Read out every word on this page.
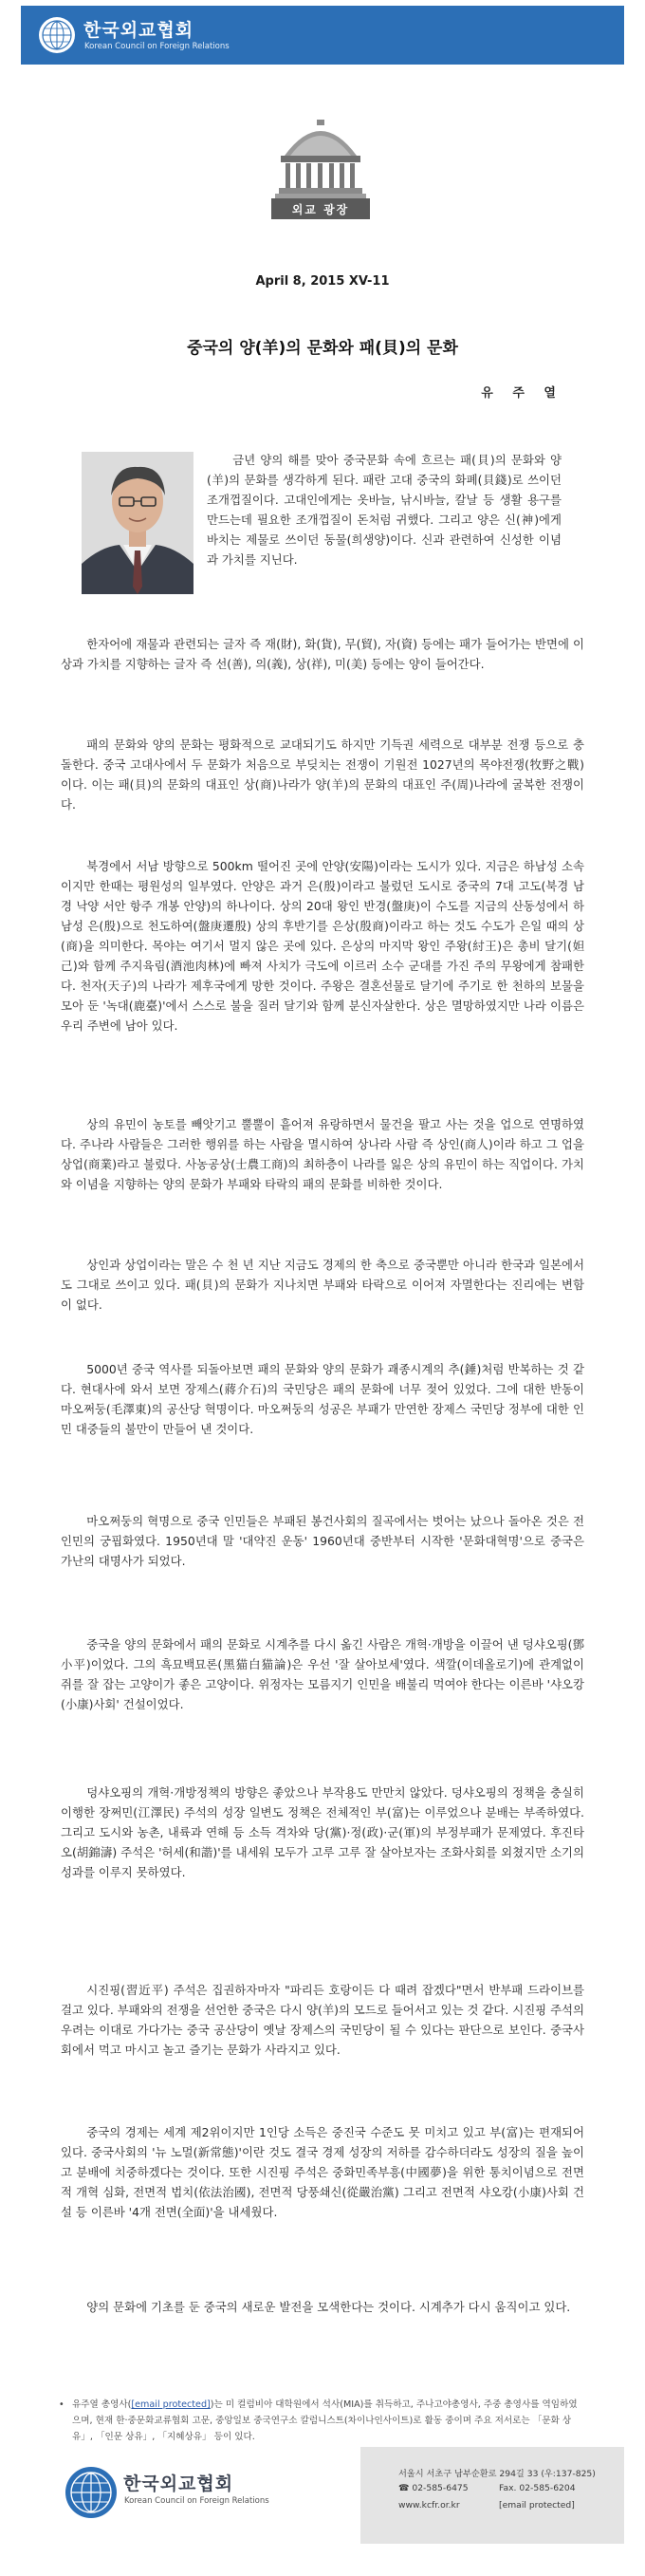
한국외교협회
Korean Council on Foreign Relations
외교 광장
April 8, 2015 XV-11
중국의 양(羊)의 문화와 패(貝)의 문화
유 주 열

금년 양의 해를 맞아 중국문화 속에 흐르는 패(貝)의 문화와 양(羊)의 문화를 생각하게 된다. 패란 고대 중국의 화폐(貝錢)로 쓰이던 조개껍질이다. 고대인에게는 옷바늘, 낚시바늘, 칼날 등 생활 용구를 만드는데 필요한 조개껍질이 돈처럼 귀했다. 그리고 양은 신(神)에게 바치는 제물로 쓰이던 동물(희생양)이다. 신과 관련하여 신성한 이념과 가치를 지닌다.

한자어에 재물과 관련되는 글자 즉 재(財), 화(貨), 무(貿), 자(資) 등에는 패가 들어가는 반면에 이상과 가치를 지향하는 글자 즉 선(善), 의(義), 상(祥), 미(美) 등에는 양이 들어간다.

패의 문화와 양의 문화는 평화적으로 교대되기도 하지만 기득권 세력으로 대부분 전쟁 등으로 충돌한다. 중국 고대사에서 두 문화가 처음으로 부딪치는 전쟁이 기원전 1027년의 목야전쟁(牧野之戰)이다. 이는 패(貝)의 문화의 대표인 상(商)나라가 양(羊)의 문화의 대표인 주(周)나라에 굴복한 전쟁이다.

북경에서 서남 방향으로 500km 떨어진 곳에 안양(安陽)이라는 도시가 있다. 지금은 하남성 소속이지만 한때는 평원성의 일부였다. 안양은 과거 은(殷)이라고 불렀던 도시로 중국의 7대 고도(북경 남경 낙양 서안 항주 개봉 안양)의 하나이다. 상의 20대 왕인 반경(盤庚)이 수도를 지금의 산동성에서 하남성 은(殷)으로 천도하여(盤庚遷殷) 상의 후반기를 은상(殷商)이라고 하는 것도 수도가 은일 때의 상(商)을 의미한다. 목야는 여기서 멀지 않은 곳에 있다. 은상의 마지막 왕인 주왕(紂王)은 총비 달기(妲己)와 함께 주지육림(酒池肉林)에 빠져 사치가 극도에 이르러 소수 군대를 가진 주의 무왕에게 참패한다. 천자(天子)의 나라가 제후국에게 망한 것이다. 주왕은 결혼선물로 달기에 주기로 한 천하의 보물을 모아 둔 '녹대(鹿臺)'에서 스스로 불을 질러 달기와 함께 분신자살한다. 상은 멸망하였지만 나라 이름은 우리 주변에 남아 있다.

상의 유민이 농토를 빼앗기고 뿔뿔이 흩어져 유랑하면서 물건을 팔고 사는 것을 업으로 연명하였다. 주나라 사람들은 그러한 행위를 하는 사람을 멸시하여 상나라 사람 즉 상인(商人)이라 하고 그 업을 상업(商業)라고 불렀다. 사농공상(士農工商)의 최하층이 나라를 잃은 상의 유민이 하는 직업이다. 가치와 이념을 지향하는 양의 문화가 부패와 타락의 패의 문화를 비하한 것이다.

상인과 상업이라는 말은 수 천 년 지난 지금도 경제의 한 축으로 중국뿐만 아니라 한국과 일본에서도 그대로 쓰이고 있다. 패(貝)의 문화가 지나치면 부패와 타락으로 이어져 자멸한다는 진리에는 변함이 없다.

5000년 중국 역사를 되돌아보면 패의 문화와 양의 문화가 괘종시계의 추(錘)처럼 반복하는 것 같다. 현대사에 와서 보면 장제스(蔣介石)의 국민당은 패의 문화에 너무 젖어 있었다. 그에 대한 반동이 마오쩌둥(毛澤東)의 공산당 혁명이다. 마오쩌둥의 성공은 부패가 만연한 장제스 국민당 정부에 대한 인민 대중들의 불만이 만들어 낸 것이다.

마오쩌둥의 혁명으로 중국 인민들은 부패된 봉건사회의 질곡에서는 벗어는 났으나 돌아온 것은 전 인민의 궁핍화였다. 1950년대 말 '대약진 운동' 1960년대 중반부터 시작한 '문화대혁명'으로 중국은 가난의 대명사가 되었다.

중국을 양의 문화에서 패의 문화로 시계추를 다시 옮긴 사람은 개혁·개방을 이끌어 낸 덩샤오핑(鄧小平)이었다. 그의 흑묘백묘론(黑猫白猫論)은 우선 '잘 살아보세'였다. 색깔(이데올로기)에 관계없이 쥐를 잘 잡는 고양이가 좋은 고양이다. 위정자는 모름지기 인민을 배불리 먹여야 한다는 이른바 '샤오캉(小康)사회' 건설이었다.

덩샤오핑의 개혁·개방정책의 방향은 좋았으나 부작용도 만만치 않았다. 덩샤오핑의 정책을 충실히 이행한 장쩌민(江澤民) 주석의 성장 일변도 정책은 전체적인 부(富)는 이루었으나 분배는 부족하였다. 그리고 도시와 농촌, 내륙과 연해 등 소득 격차와 당(黨)·정(政)·군(軍)의 부정부패가 문제였다. 후진타오(胡錦濤) 주석은 '허세(和諧)'를 내세워 모두가 고루 고루 잘 살아보자는 조화사회를 외쳤지만 소기의 성과를 이루지 못하였다.

시진핑(習近平) 주석은 집권하자마자 "파리든 호랑이든 다 때려 잡겠다"면서 반부패 드라이브를 걸고 있다. 부패와의 전쟁을 선언한 중국은 다시 양(羊)의 모드로 들어서고 있는 것 같다. 시진핑 주석의 우려는 이대로 가다가는 중국 공산당이 옛날 장제스의 국민당이 될 수 있다는 판단으로 보인다. 중국사회에서 먹고 마시고 놀고 즐기는 문화가 사라지고 있다.

중국의 경제는 세계 제2위이지만 1인당 소득은 중진국 수준도 못 미치고 있고 부(富)는 편재되어 있다. 중국사회의 '뉴 노멀(新常態)'이란 것도 결국 경제 성장의 저하를 감수하더라도 성장의 질을 높이고 분배에 치중하겠다는 것이다. 또한 시진핑 주석은 중화민족부흥(中國夢)을 위한 통치이념으로 전면적 개혁 심화, 전면적 법치(依法治國), 전면적 당풍쇄신(從嚴治黨) 그리고 전면적 샤오캉(小康)사회 건설 등 이른바 '4개 전면(全面)'을 내세웠다.

양의 문화에 기초를 둔 중국의 새로운 발전을 모색한다는 것이다. 시계추가 다시 움직이고 있다.

• 유주열 총영사([email protected])는 미 컬럼비아 대학원에서 석사(MIA)를 취득하고, 주나고야총영사, 주중 총영사를 역임하였으며, 현재 한·중문화교류협회 고문, 중앙일보 중국연구소 칼럼니스트(차이나인사이트)로 활동 중이며 주요 저서로는 「문화 상유」, 「인문 상유」, 「지혜상유」 등이 있다.
한국외교협회
Korean Council on Foreign Relations
서울시 서초구 남부순환로 294길 33 (우:137-825)
☎ 02-585-6475	Fax. 02-585-6204
www.kcfr.or.kr	[email protected]
